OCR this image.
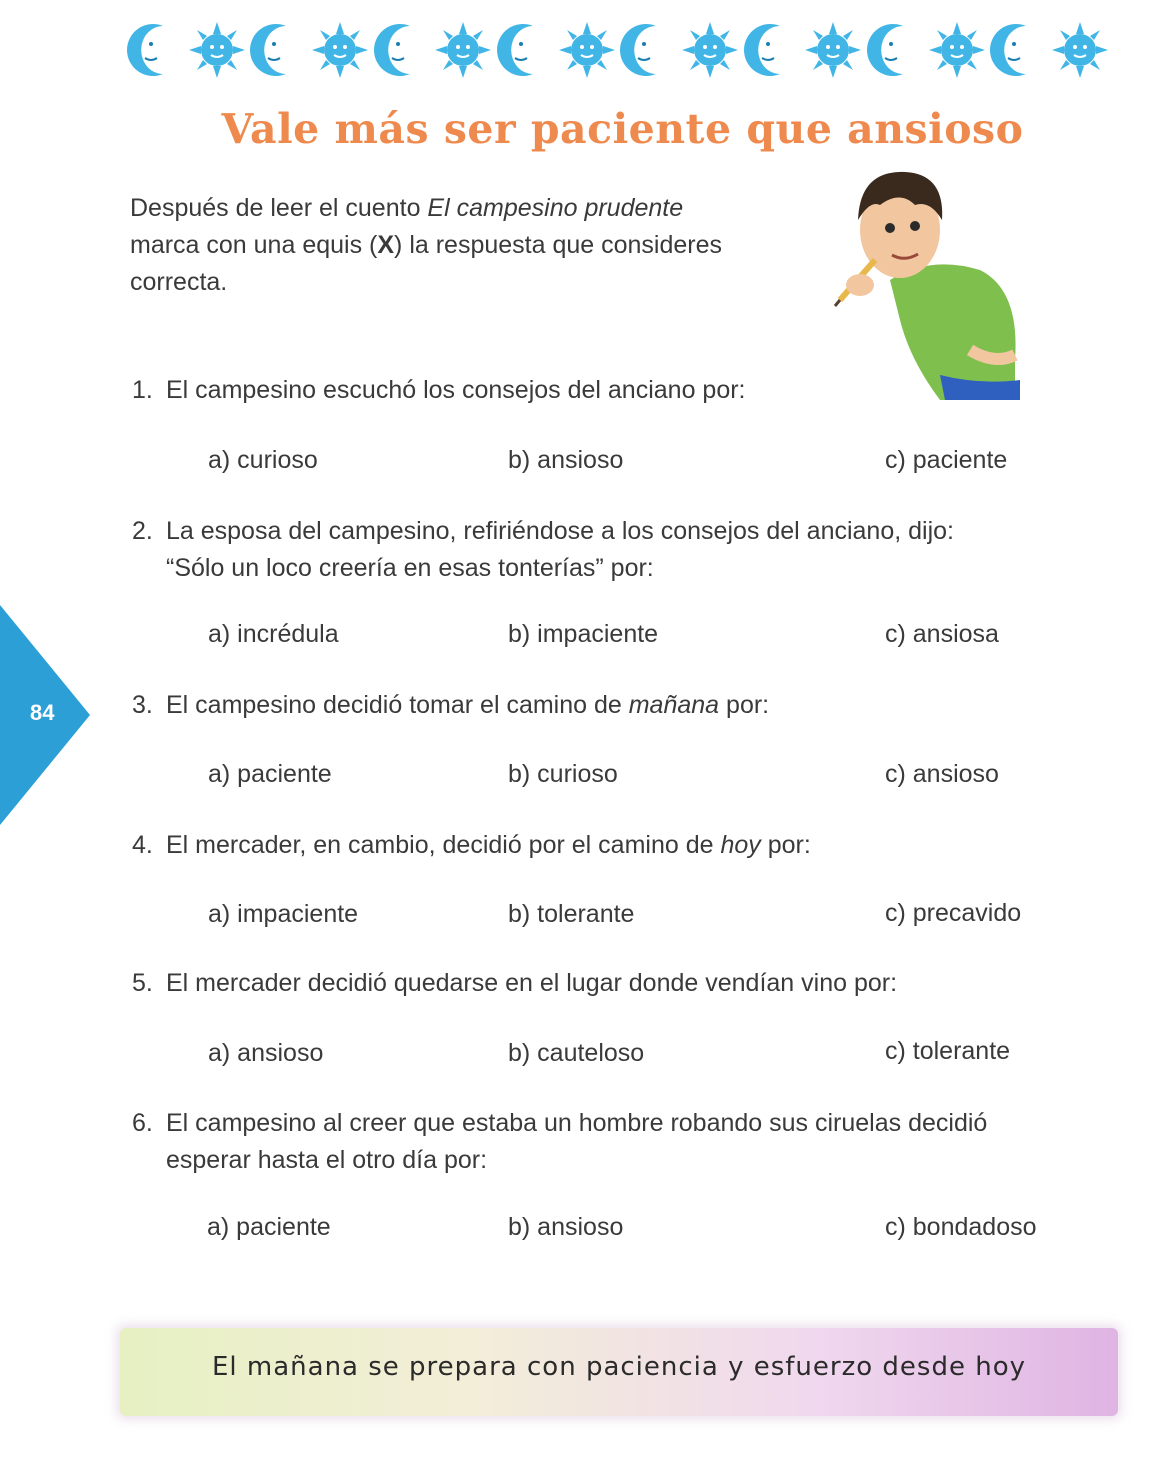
Vale más ser paciente que ansioso
Después de leer el cuento El campesino prudente
marca con una equis (X) la respuesta que consideres
correcta.
84
1. El campesino escuchó los consejos del anciano por:
a) curioso	b) ansioso	c) paciente
2. La esposa del campesino, refiriéndose a los consejos del anciano, dijo:
“Sólo un loco creería en esas tonterías” por:
a) incrédula	b) impaciente	c) ansiosa
3. El campesino decidió tomar el camino de mañana por:
a) paciente	b) curioso	c) ansioso
4. El mercader, en cambio, decidió por el camino de hoy por:
a) impaciente	b) tolerante	c) precavido
5. El mercader decidió quedarse en el lugar donde vendían vino por:
a) ansioso	b) cauteloso	c) tolerante
6. El campesino al creer que estaba un hombre robando sus ciruelas decidió
esperar hasta el otro día por:
a) paciente	b) ansioso	c) bondadoso
El mañana se prepara con paciencia y esfuerzo desde hoy
